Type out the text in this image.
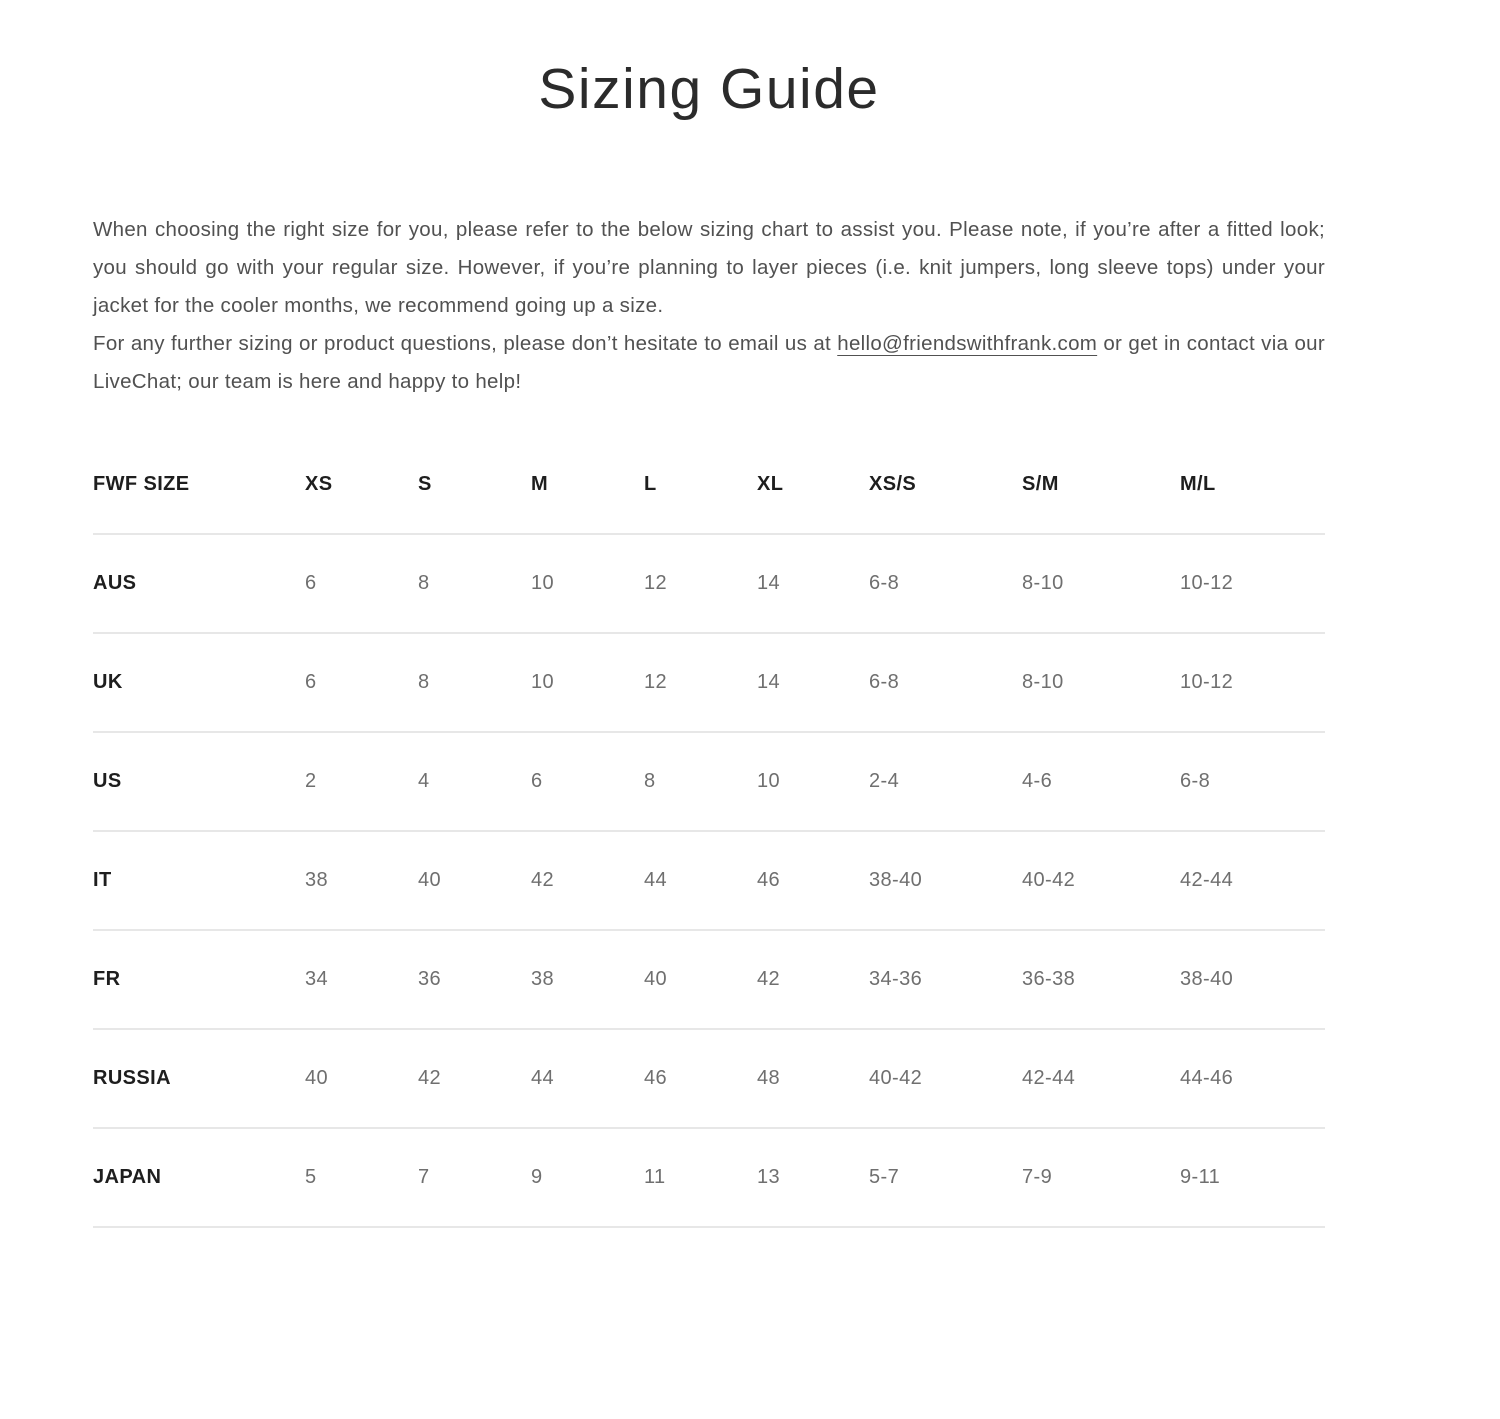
Sizing Guide

When choosing the right size for you, please refer to the below sizing chart to assist you. Please note, if you’re after a fitted look; you should go with your regular size. However, if you’re planning to layer pieces (i.e. knit jumpers, long sleeve tops) under your jacket for the cooler months, we recommend going up a size.

For any further sizing or product questions, please don’t hesitate to email us at hello@friendswithfrank.com or get in contact via our LiveChat; our team is here and happy to help!

FWF SIZE	XS	S	M	L	XL	XS/S	S/M	M/L
AUS	6	8	10	12	14	6-8	8-10	10-12
UK	6	8	10	12	14	6-8	8-10	10-12
US	2	4	6	8	10	2-4	4-6	6-8
IT	38	40	42	44	46	38-40	40-42	42-44
FR	34	36	38	40	42	34-36	36-38	38-40
RUSSIA	40	42	44	46	48	40-42	42-44	44-46
JAPAN	5	7	9	11	13	5-7	7-9	9-11
